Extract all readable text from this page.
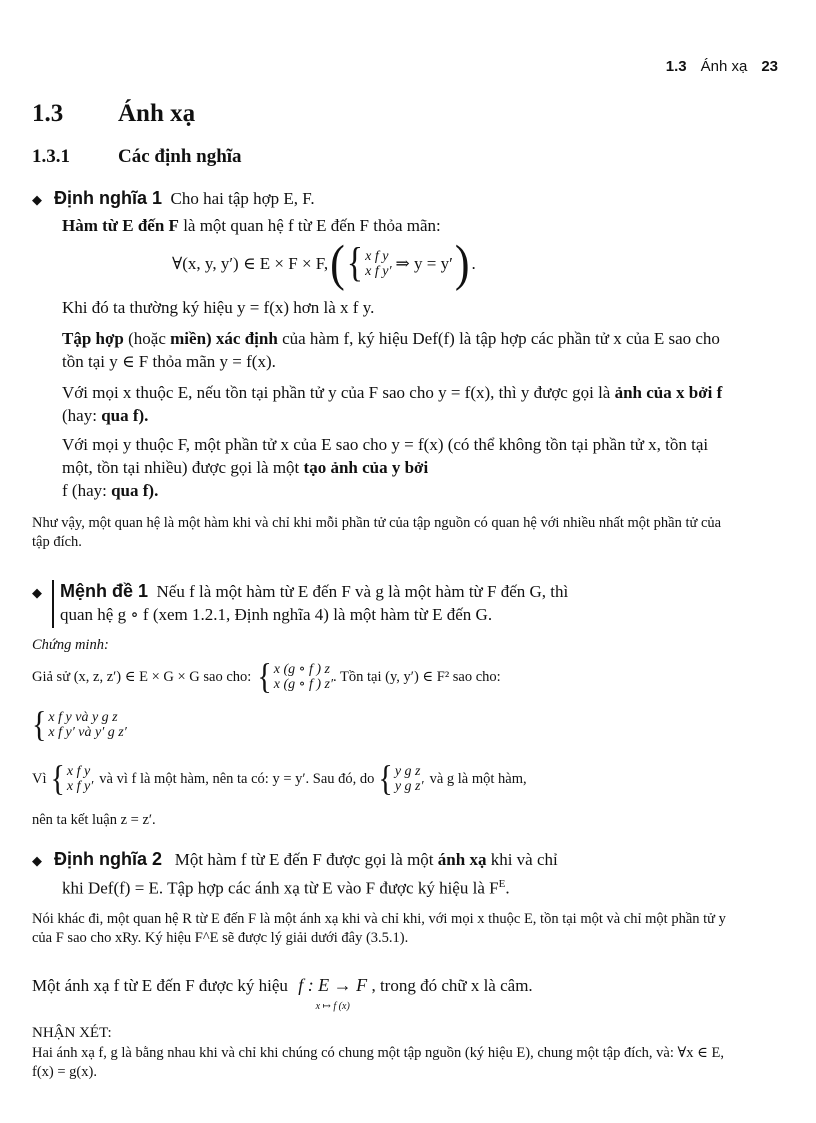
1.3 Ánh xạ 23
1.3 Ánh xạ
1.3.1	Các định nghĩa
◆ Định nghĩa 1 Cho hai tập hợp E, F.
Hàm từ E đến F là một quan hệ f từ E đến F thỏa mãn:
∀(x, y, y′) ∈ E × F × F, ( { x f y
x f y′ ⇒ y = y′ ) .
Khi đó ta thường ký hiệu y = f(x) hơn là x f y.
Tập hợp (hoặc miền) xác định của hàm f, ký hiệu Def(f) là tập hợp các phần tử x của E sao cho tồn tại y ∈ F thỏa mãn y = f(x).
Với mọi x thuộc E, nếu tồn tại phần tử y của F sao cho y = f(x), thì y được gọi là ảnh của x bởi f (hay: qua f).
Với mọi y thuộc F, một phần tử x của E sao cho y = f(x) (có thể không tồn tại phần tử x, tồn tại một, tồn tại nhiều) được gọi là một tạo ảnh của y bởi
f (hay: qua f).
Như vậy, một quan hệ là một hàm khi và chỉ khi mỗi phần tử của tập nguồn có quan hệ với nhiều nhất một phần tử của tập đích.
◆ Mệnh đề 1 Nếu f là một hàm từ E đến F và g là một hàm từ F đến G, thì
quan hệ g ∘ f (xem 1.2.1, Định nghĩa 4) là một hàm từ E đến G.
Chứng minh:
Giả sử (x, z, z′) ∈ E × G × G sao cho: { x (g ∘ f ) z
x (g ∘ f ) z′ . Tồn tại (y, y′) ∈ F² sao cho:
{ x f y và y g z
x f y′ và y′ g z′
Vì { x f y
x f y′ và vì f là một hàm, nên ta có: y = y′. Sau đó, do { y g z
y g z′ và g là một hàm,
nên ta kết luận z = z′.
◆ Định nghĩa 2 Một hàm f từ E đến F được gọi là một ánh xạ khi và chỉ
khi Def(f) = E. Tập hợp các ánh xạ từ E vào F được ký hiệu là $F^E$.
Nói khác đi, một quan hệ R từ E đến F là một ánh xạ khi và chỉ khi, với mọi x thuộc E, tồn tại một và chỉ một phần tử y của F sao cho xRy. Ký hiệu F^E sẽ được lý giải dưới đây (3.5.1).
Một ánh xạ f từ E đến F được ký hiệu f : E → F
x ↦ f (x)
, trong đó chữ x là câm.
NHẬN XÉT:
Hai ánh xạ f, g là bằng nhau khi và chỉ khi chúng có chung một tập nguồn (ký hiệu E), chung một tập đích, và: ∀x ∈ E, f(x) = g(x).
